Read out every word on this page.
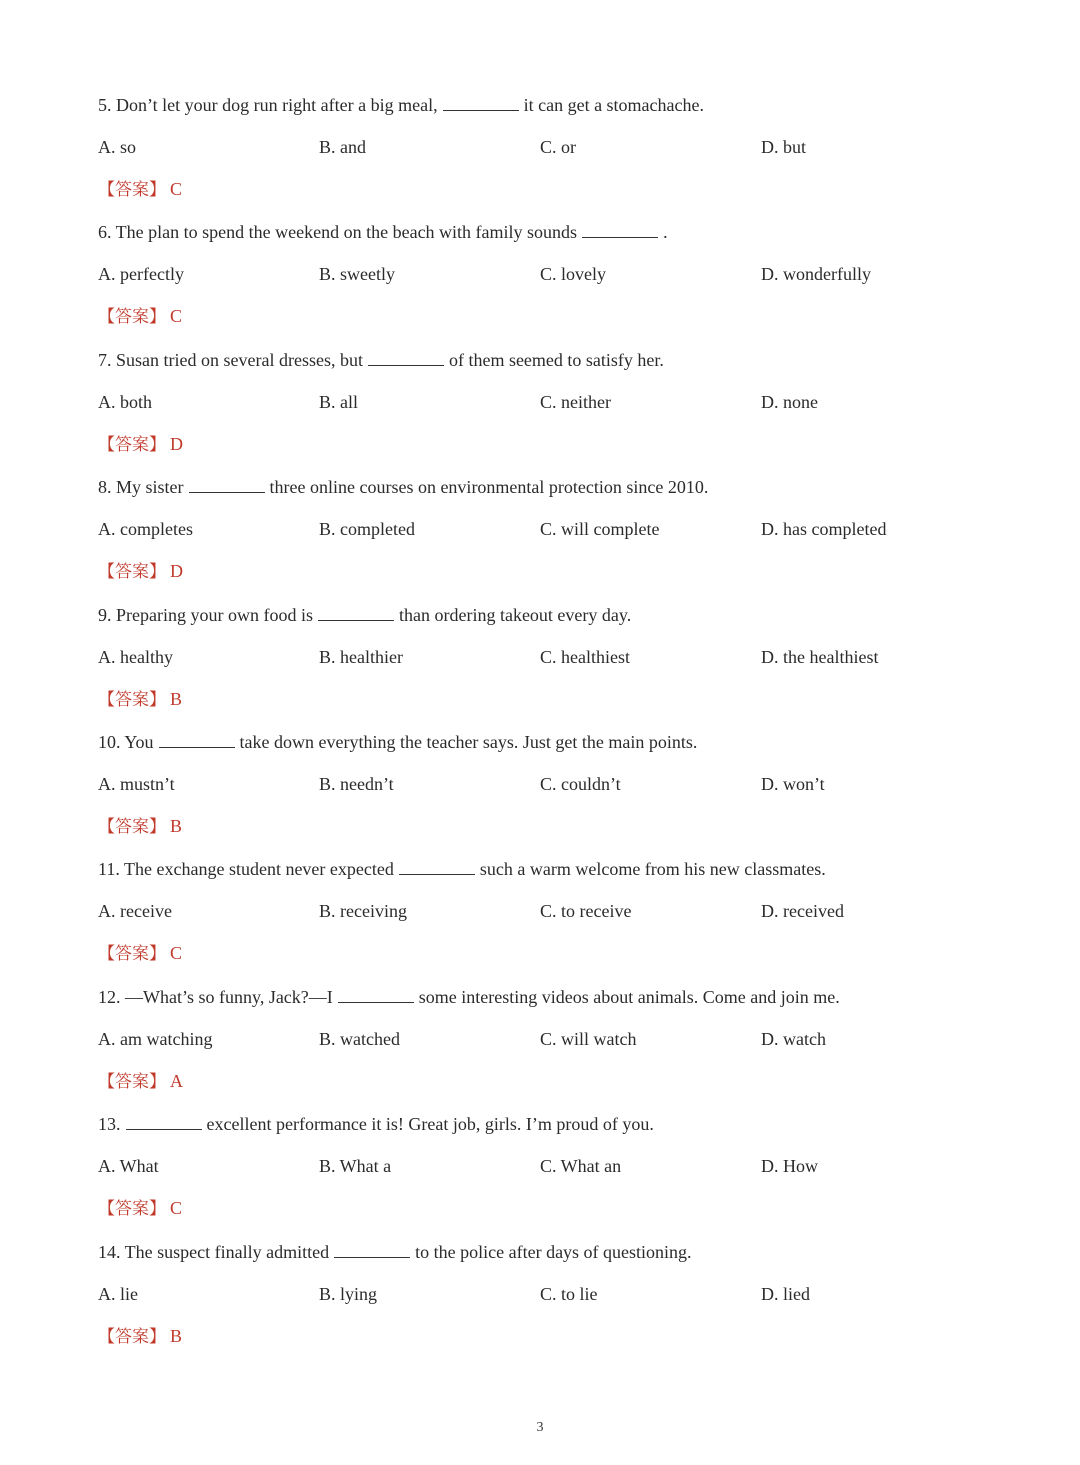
5. Don’t let your dog run right after a big meal,	it can get a stomachache.
A. so	B. and	C. or	D. but
【答案】 C
6. The plan to spend the weekend on the beach with family sounds	.
A. perfectly	B. sweetly	C. lovely	D. wonderfully
【答案】 C
7. Susan tried on several dresses, but	of them seemed to satisfy her.
A. both	B. all	C. neither	D. none
【答案】 D
8. My sister	three online courses on environmental protection since 2010.
A. completes	B. completed	C. will complete	D. has completed
【答案】 D
9. Preparing your own food is	than ordering takeout every day.
A. healthy	B. healthier	C. healthiest	D. the healthiest
【答案】 B
10. You	take down everything the teacher says. Just get the main points.
A. mustn’t	B. needn’t	C. couldn’t	D. won’t
【答案】 B
11. The exchange student never expected	such a warm welcome from his new classmates.
A. receive	B. receiving	C. to receive	D. received
【答案】 C
12. —What’s so funny, Jack?—I	some interesting videos about animals. Come and join me.
A. am watching	B. watched	C. will watch	D. watch
【答案】 A
13.	excellent performance it is! Great job, girls. I’m proud of you.
A. What	B. What a	C. What an	D. How
【答案】 C
14. The suspect finally admitted	to the police after days of questioning.
A. lie	B. lying	C. to lie	D. lied
【答案】 B
3
